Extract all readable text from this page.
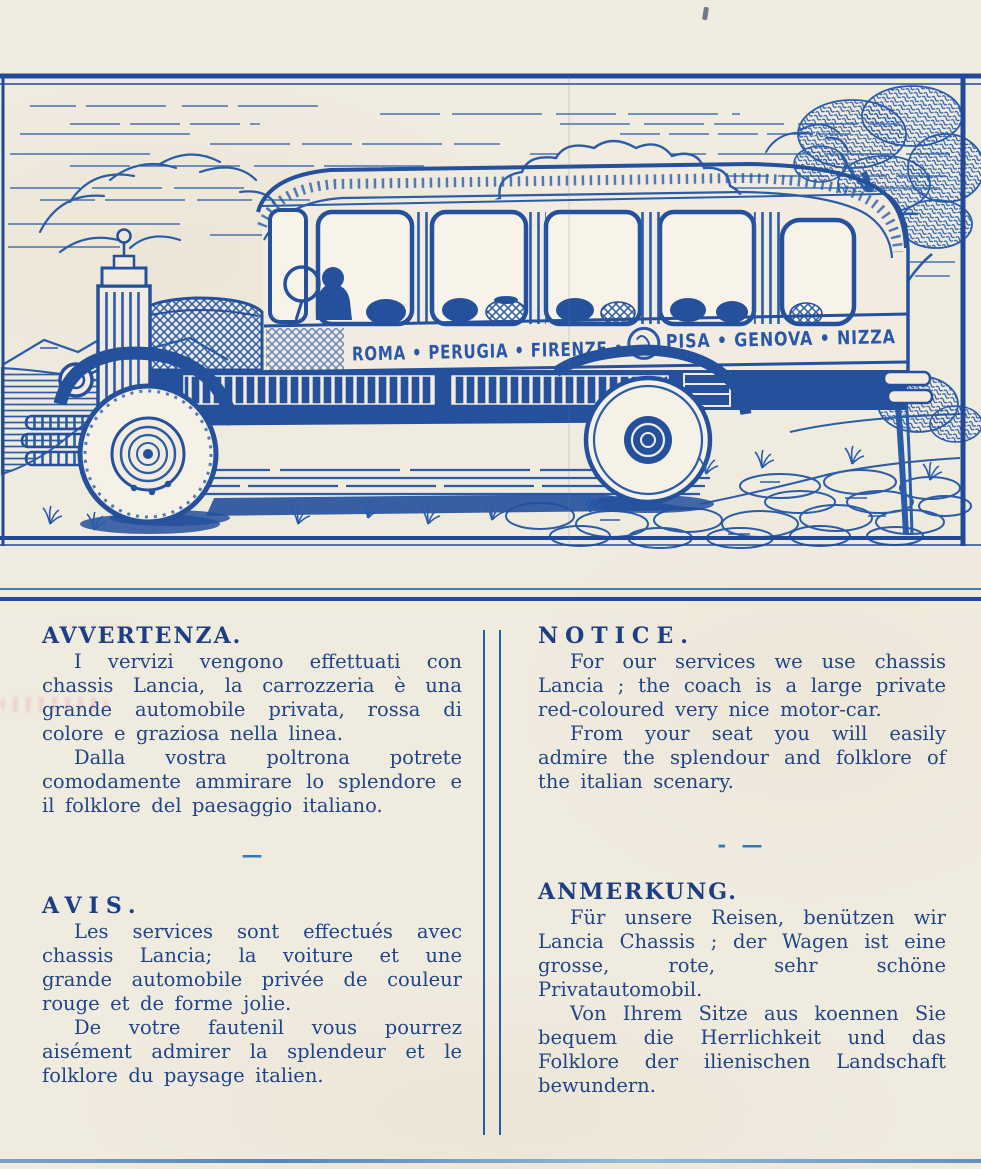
ROMA • PERUGIA • FIRENZE •
PISA • GENOVA • NIZZA
AVVERTENZA.

I vervizi vengono effettuati con chassis Lancia, la carrozzeria è una grande automobile privata, rossa di colore e graziosa nella linea.

Dalla vostra poltrona potrete comodamente ammirare lo splendore e il folklore del paesaggio italiano.

—
AVIS.

Les services sont effectués avec chassis Lancia; la voiture et une grande automobile privée de couleur rouge et de forme jolie.

De votre fautenil vous pourrez aisément admirer la splendeur et le folklore du paysage italien.

NOTICE.

For our services we use chassis Lancia ; the coach is a large private red-coloured very nice motor-car.

From your seat you will easily admire the splendour and folklore of the italian scenary.

- —
ANMERKUNG.

Für unsere Reisen, benützen wir Lancia Chassis ; der Wagen ist eine grosse, rote, sehr schöne Privatautomobil.

Von Ihrem Sitze aus koennen Sie bequem die Herrlichkeit und das Folklore der ilienischen Landschaft bewundern.
